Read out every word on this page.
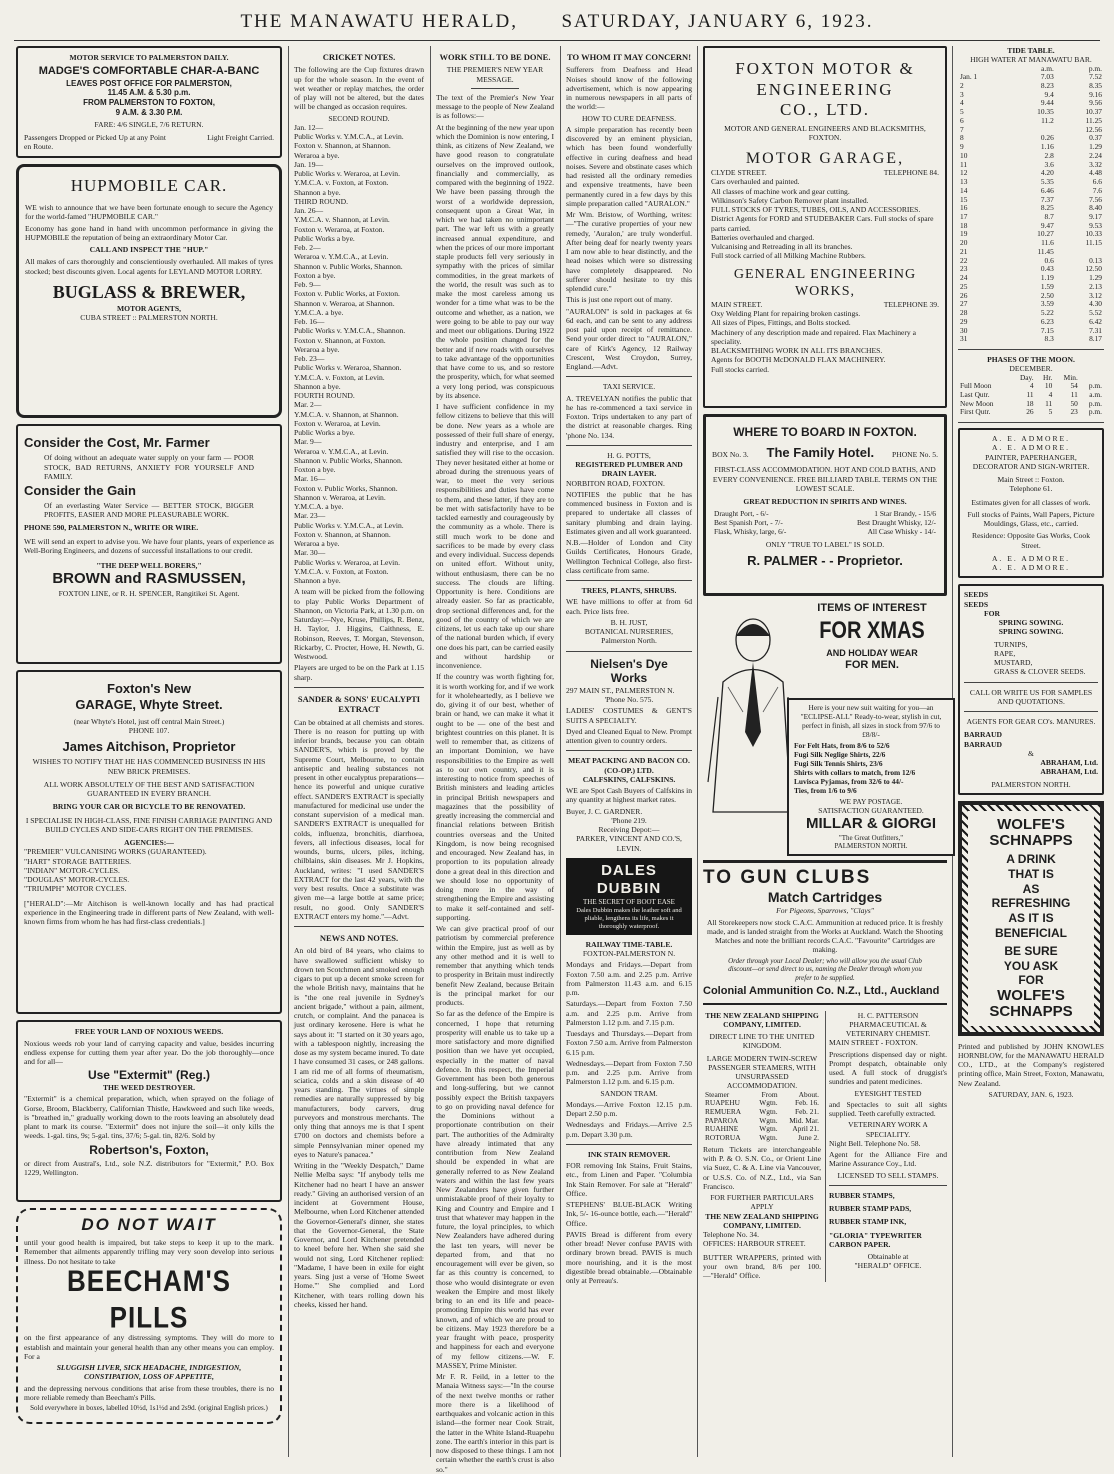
THE MANAWATU HERALD, SATURDAY, JANUARY 6, 1923.
MOTOR SERVICE TO PALMERSTON DAILY.
MADGE'S COMFORTABLE CHAR-A-BANC
LEAVES POST OFFICE FOR PALMERSTON,
11.45 A.M. & 5.30 p.m.
FROM PALMERSTON TO FOXTON,
9 A.M. & 3.30 P.M.
FARE: 4/6 SINGLE, 7/6 RETURN.
Passengers Dropped or Picked Up at any Point en Route.
Light Freight Carried.
HUPMOBILE CAR.

WE wish to announce that we have been fortunate enough to secure the Agency for the world-famed "HUPMOBILE CAR."

Economy has gone hand in hand with uncommon performance in giving the HUPMOBILE the reputation of being an extraordinary Motor Car.

CALL AND INSPECT THE "HUP."

All makes of cars thoroughly and conscientiously overhauled. All makes of tyres stocked; best discounts given. Local agents for LEYLAND MOTOR LORRY.

BUGLASS & BREWER,
MOTOR AGENTS,
CUBA STREET :: PALMERSTON NORTH.
Consider the Cost, Mr. Farmer

Of doing without an adequate water supply on your farm — POOR STOCK, BAD RETURNS, ANXIETY FOR YOURSELF AND FAMILY.

Consider the Gain

Of an everlasting Water Service — BETTER STOCK, BIGGER PROFITS, EASIER AND MORE PLEASURABLE WORK.

PHONE 590, PALMERSTON N., WRITE OR WIRE.

WE will send an expert to advise you. We have four plants, years of experience as Well-Boring Engineers, and dozens of successful installations to our credit.

"THE DEEP WELL BORERS,"
BROWN and RASMUSSEN,
FOXTON LINE, or R. H. SPENCER, Rangitikei St. Agent.
Foxton's New
GARAGE, Whyte Street.
(near Whyte's Hotel, just off central Main Street.)
PHONE 107.
James Aitchison, Proprietor
WISHES TO NOTIFY THAT HE HAS COMMENCED BUSINESS IN HIS NEW BRICK PREMISES.
ALL WORK ABSOLUTELY OF THE BEST AND SATISFACTION GUARANTEED IN EVERY BRANCH.
BRING YOUR CAR OR BICYCLE TO BE RENOVATED.
I SPECIALISE IN HIGH-CLASS, FINE FINISH CARRIAGE PAINTING AND BUILD CYCLES AND SIDE-CARS RIGHT ON THE PREMISES.
AGENCIES:—
"PREMIER" VULCANISING WORKS (GUARANTEED).
"HART" STORAGE BATTERIES.
"INDIAN" MOTOR-CYCLES.
"DOUGLAS" MOTOR-CYCLES.
"TRIUMPH" MOTOR CYCLES.

["HERALD":—Mr Aitchison is well-known locally and has had practical experience in the Engineering trade in different parts of New Zealand, with well-known firms from whom he has had first-class credentials.]

FREE YOUR LAND OF NOXIOUS WEEDS.

Noxious weeds rob your land of carrying capacity and value, besides incurring endless expense for cutting them year after year. Do the job thoroughly—once and for all—

Use "Extermit" (Reg.)
THE WEED DESTROYER.

"Extermit" is a chemical preparation, which, when sprayed on the foliage of Gorse, Broom, Blackberry, Californian Thistle, Hawkweed and such like weeds, is "breathed in," gradually working down to the roots leaving an absolutely dead plant to mark its course. "Extermit" does not injure the soil—it only kills the weeds. 1-gal. tins, 9s; 5-gal. tins, 37/6; 5-gal. tin, 82/6. Sold by

Robertson's, Foxton,

or direct from Austral's, Ltd., sole N.Z. distributors for "Extermit," P.O. Box 1229, Wellington.

DO NOT WAIT

until your good health is impaired, but take steps to keep it up to the mark. Remember that ailments apparently trifling may very soon develop into serious illness. Do not hesitate to take

BEECHAM'S PILLS

on the first appearance of any distressing symptoms. They will do more to establish and maintain your general health than any other means you can employ. For a

SLUGGISH LIVER, SICK HEADACHE, INDIGESTION,
CONSTIPATION, LOSS OF APPETITE,

and the depressing nervous conditions that arise from these troubles, there is no more reliable remedy than Beecham's Pills.

Sold everywhere in boxes, labelled 10½d, 1s1½d and 2s9d. (original English prices.)
CRICKET NOTES.

The following are the Cup fixtures drawn up for the whole season. In the event of wet weather or replay matches, the order of play will not be altered, but the dates will be changed as occasion requires.

SECOND ROUND.
Jan. 12—
Public Works v. Y.M.C.A., at Levin.
Foxton v. Shannon, at Shannon.
Weraroa a bye.
Jan. 19—
Public Works v. Weraroa, at Levin.
Y.M.C.A. v. Foxton, at Foxton.
Shannon a bye.
THIRD ROUND.
Jan. 26—
Y.M.C.A. v. Shannon, at Levin.
Foxton v. Weraroa, at Foxton.
Public Works a bye.
Feb. 2—
Weraroa v. Y.M.C.A., at Levin.
Shannon v. Public Works, Shannon.
Foxton a bye.
Feb. 9—
Foxton v. Public Works, at Foxton.
Shannon v. Weraroa, at Shannon.
Y.M.C.A. a bye.
Feb. 16—
Public Works v. Y.M.C.A., Shannon.
Foxton v. Shannon, at Foxton.
Weraroa a bye.
Feb. 23—
Public Works v. Weraroa, Shannon.
Y.M.C.A. v. Foxton, at Levin.
Shannon a bye.
FOURTH ROUND.
Mar. 2—
Y.M.C.A. v. Shannon, at Shannon.
Foxton v. Weraroa, at Levin.
Public Works a bye.
Mar. 9—
Weraroa v. Y.M.C.A., at Levin.
Shannon v. Public Works, Shannon.
Foxton a bye.
Mar. 16—
Foxton v. Public Works, Shannon.
Shannon v. Weraroa, at Levin.
Y.M.C.A. a bye.
Mar. 23—
Public Works v. Y.M.C.A., at Levin.
Foxton v. Shannon, at Shannon.
Weraroa a bye.
Mar. 30—
Public Works v. Weraroa, at Levin.
Y.M.C.A. v. Foxton, at Foxton.
Shannon a bye.

A team will be picked from the following to play Public Works Department of Shannon, on Victoria Park, at 1.30 p.m. on Saturday:—Nye, Kruse, Phillips, R. Benz, H. Taylor, J. Higgins, Caithness, E. Robinson, Reeves, T. Morgan, Stevenson, Rickarby, C. Procter, Howe, H. Newth, G. Westwood.

Players are urged to be on the Park at 1.15 sharp.

SANDER & SONS' EUCALYPTI EXTRACT

Can be obtained at all chemists and stores. There is no reason for putting up with inferior brands, because you can obtain SANDER'S, which is proved by the Supreme Court, Melbourne, to contain antiseptic and healing substances not present in other eucalyptus preparations—hence its powerful and unique curative effect. SANDER'S EXTRACT is specially manufactured for medicinal use under the constant supervision of a medical man. SANDER'S EXTRACT is unequalled for colds, influenza, bronchitis, diarrhoea, fevers, all infectious diseases, local for wounds, burns, ulcers, piles, itching, chilblains, skin diseases. Mr J. Hopkins, Auckland, writes: "I used SANDER'S EXTRACT for the last 42 years, with the very best results. Once a substitute was given me—a large bottle at same price; result, no good. Only SANDER'S EXTRACT enters my home."—Advt.

NEWS AND NOTES.

An old bird of 84 years, who claims to have swallowed sufficient whisky to drown ten Scotchmen and smoked enough cigars to put up a decent smoke screen for the whole British navy, maintains that he is "the one real juvenile in Sydney's ancient brigade," without a pain, ailment, crutch, or complaint. And the panacea is just ordinary kerosene. Here is what he says about it: "I started on it 30 years ago, with a tablespoon nightly, increasing the dose as my system became inured. To date I have consumed 31 cases, or 248 gallons. I am rid me of all forms of rheumatism, sciatica, colds and a skin disease of 40 years standing. The virtues of simple remedies are naturally suppressed by big manufacturers, body carvers, drug purveyors and monstrous merchants. The only thing that annoys me is that I spent £700 on doctors and chemists before a simple Pennsylvanian miner opened my eyes to Nature's panacea."

Writing in the "Weekly Despatch," Dame Nellie Melba says: "If anybody tells me Kitchener had no heart I have an answer ready." Giving an authorised version of an incident at Government House, Melbourne, when Lord Kitchener attended the Governor-General's dinner, she states that the Governor-General, the State Governor, and Lord Kitchener pretended to kneel before her. When she said she would not sing, Lord Kitchener replied: "Madame, I have been in exile for eight years. Sing just a verse of 'Home Sweet Home.'" She complied and Lord Kitchener, with tears rolling down his cheeks, kissed her hand.

WORK STILL TO BE DONE.
THE PREMIER'S NEW YEAR MESSAGE.

The text of the Premier's New Year message to the people of New Zealand is as follows:—

At the beginning of the new year upon which the Dominion is now entering, I think, as citizens of New Zealand, we have good reason to congratulate ourselves on the improved outlook, financially and commercially, as compared with the beginning of 1922. We have been passing through the worst of a worldwide depression, consequent upon a Great War, in which we had taken no unimportant part. The war left us with a greatly increased annual expenditure, and when the prices of our more important staple products fell very seriously in sympathy with the prices of similar commodities, in the great markets of the world, the result was such as to make the most careless among us wonder for a time what was to be the outcome and whether, as a nation, we were going to be able to pay our way and meet our obligations. During 1922 the whole position changed for the better and if new roads with ourselves to take advantage of the opportunities that have come to us, and so restore the prosperity, which, for what seemed a very long period, was conspicuous by its absence.

I have sufficient confidence in my fellow citizens to believe that this will be done. New years as a whole are possessed of their full share of energy, industry and enterprise, and I am satisfied they will rise to the occasion. They never hesitated either at home or abroad during the strenuous years of war, to meet the very serious responsibilities and duties have come to them, and these latter, if they are to be met with satisfactorily have to be tackled earnestly and courageously by the community as a whole. There is still much work to be done and sacrifices to be made by every class and every individual. Success depends on united effort. Without unity, without enthusiasm, there can be no success. The clouds are lifting. Opportunity is here. Conditions are already easier. So far as practicable, drop sectional differences and, for the good of the country of which we are citizens, let us each take up our share of the national burden which, if every one does his part, can be carried easily and without hardship or inconvenience.

If the country was worth fighting for, it is worth working for, and if we work for it wholeheartedly, as I believe we do, giving it of our best, whether of brain or hand, we can make it what it ought to be — one of the best and brightest countries on this planet. It is well to remember that, as citizens of an important Dominion, we have responsibilities to the Empire as well as to our own country, and it is interesting to notice from speeches of British ministers and leading articles in principal British newspapers and magazines that the possibility of greatly increasing the commercial and financial relations between British countries overseas and the United Kingdom, is now being recognised and encouraged. New Zealand has, in proportion to its population already done a great deal in this direction and we should lose no opportunity of doing more in the way of strengthening the Empire and assisting to make it self-contained and self-supporting.

We can give practical proof of our patriotism by commercial preference within the Empire, just as well as by any other method and it is well to remember that anything which tends to prosperity in Britain must indirectly benefit New Zealand, because Britain is the principal market for our products.

So far as the defence of the Empire is concerned, I hope that returning prosperity will enable us to take up a more satisfactory and more dignified position than we have yet occupied, especially in the matter of naval defence. In this respect, the Imperial Government has been both generous and long-suffering, but we cannot possibly expect the British taxpayers to go on providing naval defence for the Dominions without a proportionate contribution on their part. The authorities of the Admiralty have already intimated that any contribution from New Zealand should be expended in what are generally referred to as New Zealand waters and within the last few years New Zealanders have given further unmistakable proof of their loyalty to King and Country and Empire and I trust that whatever may happen in the future, the loyal principles, to which New Zealanders have adhered during the last ten years, will never be departed from, and that no encouragement will ever be given, so far as this country is concerned, to those who would disintegrate or even weaken the Empire and most likely bring to an end its life and peace-promoting Empire this world has ever known, and of which we are proud to be citizens. May 1923 therefore be a year fraught with peace, prosperity and happiness for each and everyone of my fellow citizens.—W. F. MASSEY, Prime Minister.

Mr F. R. Feild, in a letter to the Manaia Witness says:—"In the course of the next twelve months or rather more there is a likelihood of earthquakes and volcanic action in this island—the former near Cook Strait, the latter in the White Island-Ruapehu zone. The earth's interior in this part is now disposed to these things. I am not certain whether the earth's crust is also so."

TO WHOM IT MAY CONCERN!

Sufferers from Deafness and Head Noises should know of the following advertisement, which is now appearing in numerous newspapers in all parts of the world:—

HOW TO CURE DEAFNESS.

A simple preparation has recently been discovered by an eminent physician, which has been found wonderfully effective in curing deafness and head noises. Severe and obstinate cases which had resisted all the ordinary remedies and expensive treatments, have been permanently cured in a few days by this simple preparation called "AURALON."

Mr Wm. Bristow, of Worthing, writes:—"The curative properties of your new remedy, 'Auralon,' are truly wonderful. After being deaf for nearly twenty years I am now able to hear distinctly, and the head noises which were so distressing have completely disappeared. No sufferer should hesitate to try this splendid cure."

This is just one report out of many.

"AURALON" is sold in packages at 6s 6d each, and can be sent to any address post paid upon receipt of remittance. Send your order direct to "AURALON," care of Kirk's Agency, 12 Railway Crescent, West Croydon, Surrey, England.—Advt.

TAXI SERVICE.

A. TREVELYAN notifies the public that he has re-commenced a taxi service in Foxton. Trips undertaken to any part of the district at reasonable charges. Ring 'phone No. 134.

H. G. POTTS,
REGISTERED PLUMBER AND DRAIN LAYER.
NORBITON ROAD, FOXTON.

NOTIFIES the public that he has commenced business in Foxton and is prepared to undertake all classes of sanitary plumbing and drain laying. Estimates given and all work guaranteed.

N.B.—Holder of London and City Guilds Certificates, Honours Grade, Wellington Technical College, also first-class certificate from same.

TREES, PLANTS, SHRUBS.

WE have millions to offer at from 6d each. Price lists free.

B. H. JUST,
BOTANICAL NURSERIES,
Palmerston North.
Nielsen's Dye
Works
297 MAIN ST., PALMERSTON N.
'Phone No. 575.

LADIES' COSTUMES & GENT'S SUITS A SPECIALTY.

Dyed and Cleaned Equal to New. Prompt attention given to country orders.

MEAT PACKING AND BACON CO. (CO-OP.) LTD.
CALFSKINS, CALFSKINS.

WE are Spot Cash Buyers of Calfskins in any quantity at highest market rates.

Buyer, J. C. GARDNER.
'Phone 219.
Receiving Depot:—
PARKER, VINCENT AND CO.'S, LEVIN.
DALES DUBBIN
THE SECRET OF BOOT EASE
Dales Dubbin makes the leather soft and pliable, lengthens its life, makes it thoroughly waterproof.
RAILWAY TIME-TABLE.
FOXTON-PALMERSTON N.

Mondays and Fridays.—Depart from Foxton 7.50 a.m. and 2.25 p.m. Arrive from Palmerston 11.43 a.m. and 6.15 p.m.

Saturdays.—Depart from Foxton 7.50 a.m. and 2.25 p.m. Arrive from Palmerston 1.12 p.m. and 7.15 p.m.

Tuesdays and Thursdays.—Depart from Foxton 7.50 a.m. Arrive from Palmerston 6.15 p.m.

Wednesdays.—Depart from Foxton 7.50 p.m. and 2.25 p.m. Arrive from Palmerston 1.12 p.m. and 6.15 p.m.

SANDON TRAM.

Mondays.—Arrive Foxton 12.15 p.m. Depart 2.50 p.m.

Wednesdays and Fridays.—Arrive 2.5 p.m. Depart 3.30 p.m.

INK STAIN REMOVER.

FOR removing Ink Stains, Fruit Stains, etc., from Linen and Paper. "Columbia Ink Stain Remover. For sale at "Herald" Office.

STEPHENS' BLUE-BLACK Writing Ink, 5/- 16-ounce bottle, each.—"Herald" Office.

PAVIS Bread is different from every other bread! Never confuse PAVIS with ordinary brown bread. PAVIS is much more nourishing, and it is the most digestible bread obtainable.—Obtainable only at Perreau's.

FOXTON MOTOR &
ENGINEERING
CO., LTD.
MOTOR AND GENERAL ENGINEERS AND BLACKSMITHS, FOXTON.
MOTOR GARAGE,
CLYDE STREET.	TELEPHONE 84.
Cars overhauled and painted.
All classes of machine work and gear cutting.
Wilkinson's Safety Carbon Remover plant installed.
FULL STOCKS OF TYRES, TUBES, OILS, AND ACCESSORIES.
District Agents for FORD and STUDEBAKER Cars. Full stocks of spare parts carried.
Batteries overhauled and charged.
Vulcanising and Retreading in all its branches.
Full stock carried of all Milking Machine Rubbers.
GENERAL ENGINEERING WORKS,
MAIN STREET.	TELEPHONE 39.
Oxy Welding Plant for repairing broken castings.
All sizes of Pipes, Fittings, and Bolts stocked.
Machinery of any description made and repaired. Flax Machinery a speciality.
BLACKSMITHING WORK IN ALL ITS BRANCHES.
Agents for BOOTH McDONALD FLAX MACHINERY.
Full stocks carried.
WHERE TO BOARD IN FOXTON.
BOX No. 3. The Family Hotel. PHONE No. 5.
FIRST-CLASS ACCOMMODATION. HOT AND COLD BATHS, AND EVERY CONVENIENCE. FREE BILLIARD TABLE. TERMS ON THE LOWEST SCALE.
GREAT REDUCTION IN SPIRITS AND WINES.
Draught Port, - 6/-	1 Star Brandy, - 15/6
Best Spanish Port, - 7/-	Best Draught Whisky, 12/-
Flask, Whisky, large, 6/-	All Case Whisky - 14/-
ONLY "TRUE TO LABEL" IS SOLD.
R. PALMER - - Proprietor.
ITEMS OF INTEREST
FOR XMAS
AND HOLIDAY WEAR
FOR MEN.
Here is your new suit waiting for you—an "ECLIPSE-ALL" Ready-to-wear, stylish in cut, perfect in finish, all sizes in stock from 97/6 to £8/8/-
For Felt Hats, from 8/6 to 52/6
Fugi Silk Neglige Shirts, 22/6
Fugi Silk Tennis Shirts, 23/6
Shirts with collars to match, from 12/6
Luvisca Pyjamas, from 32/6 to 44/-
Ties, from 1/6 to 9/6
WE PAY POSTAGE.
SATISFACTION GUARANTEED.
MILLAR & GIORGI
"The Great Outfitters,"
PALMERSTON NORTH.
TO GUN CLUBS
Match Cartridges
For Pigeons, Sparrows, "Clays"

All Storekeepers now stock C.A.C. Ammunition at reduced price. It is freshly made, and is landed straight from the Works at Auckland. Watch the Shooting Matches and note the brilliant records C.A.C. "Favourite" Cartridges are making.

Order through your Local Dealer; who will allow you the usual Club discount—or send direct to us, naming the Dealer through whom you prefer to be supplied.
Colonial Ammunition Co. N.Z., Ltd., Auckland
THE NEW ZEALAND SHIPPING COMPANY, LIMITED.
DIRECT LINE TO THE UNITED KINGDOM.
LARGE MODERN TWIN-SCREW PASSENGER STEAMERS, WITH UNSURPASSED ACCOMMODATION.
Steamer	From	About.
RUAPEHU	Wgtn.	Feb. 16.
REMUERA	Wgtn.	Feb. 21.
PAPAROA	Wgtn.	Mid. Mar.
RUAHINE	Wgtn.	April 21.
ROTORUA	Wgtn.	June 2.

Return Tickets are interchangeable with P. & O. S.N. Co., or Orient Line via Suez, C. & A. Line via Vancouver, or U.S.S. Co. of N.Z., Ltd., via San Francisco.

FOR FURTHER PARTICULARS APPLY
THE NEW ZEALAND SHIPPING COMPANY, LIMITED.
Telephone No. 34.
OFFICES: HARBOUR STREET.

BUTTER WRAPPERS, printed with your own brand, 8/6 per 100.—"Herald" Office.

H. C. PATTERSON
PHARMACEUTICAL & VETERINARY CHEMIST.
MAIN STREET - FOXTON.

Prescriptions dispensed day or night. Prompt despatch, obtainable only used. A full stock of druggist's sundries and patent medicines.

EYESIGHT TESTED

and Spectacles to suit all sights supplied. Teeth carefully extracted.

VETERINARY WORK A SPECIALITY.
Night Bell. Telephone No. 58.

Agent for the Alliance Fire and Marine Assurance Coy., Ltd.

LICENSED TO SELL STAMPS.
RUBBER STAMPS,
RUBBER STAMP PADS,
RUBBER STAMP INK,
"GLORIA" TYPEWRITER CARBON PAPER.
Obtainable at
"HERALD" OFFICE.
TIDE TABLE.
HIGH WATER AT MANAWATU BAR.
	a.m.	p.m.
Jan. 1	7.03	7.52
2	8.23	8.35
3	9.4	9.16
4	9.44	9.56
5	10.35	10.37
6	11.2	11.25
7		12.56
8	0.26	0.37
9	1.16	1.29
10	2.8	2.24
11	3.6	3.32
12	4.20	4.48
13	5.35	6.6
14	6.46	7.6
15	7.37	7.56
16	8.25	8.40
17	8.7	9.17
18	9.47	9.53
19	10.27	10.33
20	11.6	11.15
21	11.45	
22	0.6	0.13
23	0.43	12.50
24	1.19	1.29
25	1.59	2.13
26	2.50	3.12
27	3.59	4.30
28	5.22	5.52
29	6.23	6.42
30	7.15	7.31
31	8.3	8.17
PHASES OF THE MOON.
DECEMBER.
	Day.	Hr.	Min.	
Full Moon	4	10	54	p.m.
Last Qutr.	11	4	11	a.m.
New Moon	18	11	50	p.m.
First Qutr.	26	5	23	p.m.
A. E. ADMORE.
A. E. ADMORE.
PAINTER, PAPERHANGER, DECORATOR AND SIGN-WRITER.
Main Street :: Foxton.
Telephone 61.
Estimates given for all classes of work.
Full stocks of Paints, Wall Papers, Picture Mouldings, Glass, etc., carried.
Residence: Opposite Gas Works, Cook Street.
A. E. ADMORE.
A. E. ADMORE.
SEEDS
SEEDS
FOR
SPRING SOWING.
SPRING SOWING.
TURNIPS,
RAPE,
MUSTARD,
GRASS & CLOVER SEEDS.
CALL OR WRITE US FOR SAMPLES AND QUOTATIONS.
AGENTS FOR GEAR CO's. MANURES.
BARRAUD
BARRAUD
&
ABRAHAM, Ltd.
ABRAHAM, Ltd.
PALMERSTON NORTH.
WOLFE'S SCHNAPPS
A DRINK
THAT IS
AS
REFRESHING
AS IT IS
BENEFICIAL
BE SURE
YOU ASK
FOR
WOLFE'S SCHNAPPS

Printed and published by JOHN KNOWLES HORNBLOW, for the MANAWATU HERALD CO., LTD., at the Company's registered printing office, Main Street, Foxton, Manawatu, New Zealand.

SATURDAY, JAN. 6, 1923.
